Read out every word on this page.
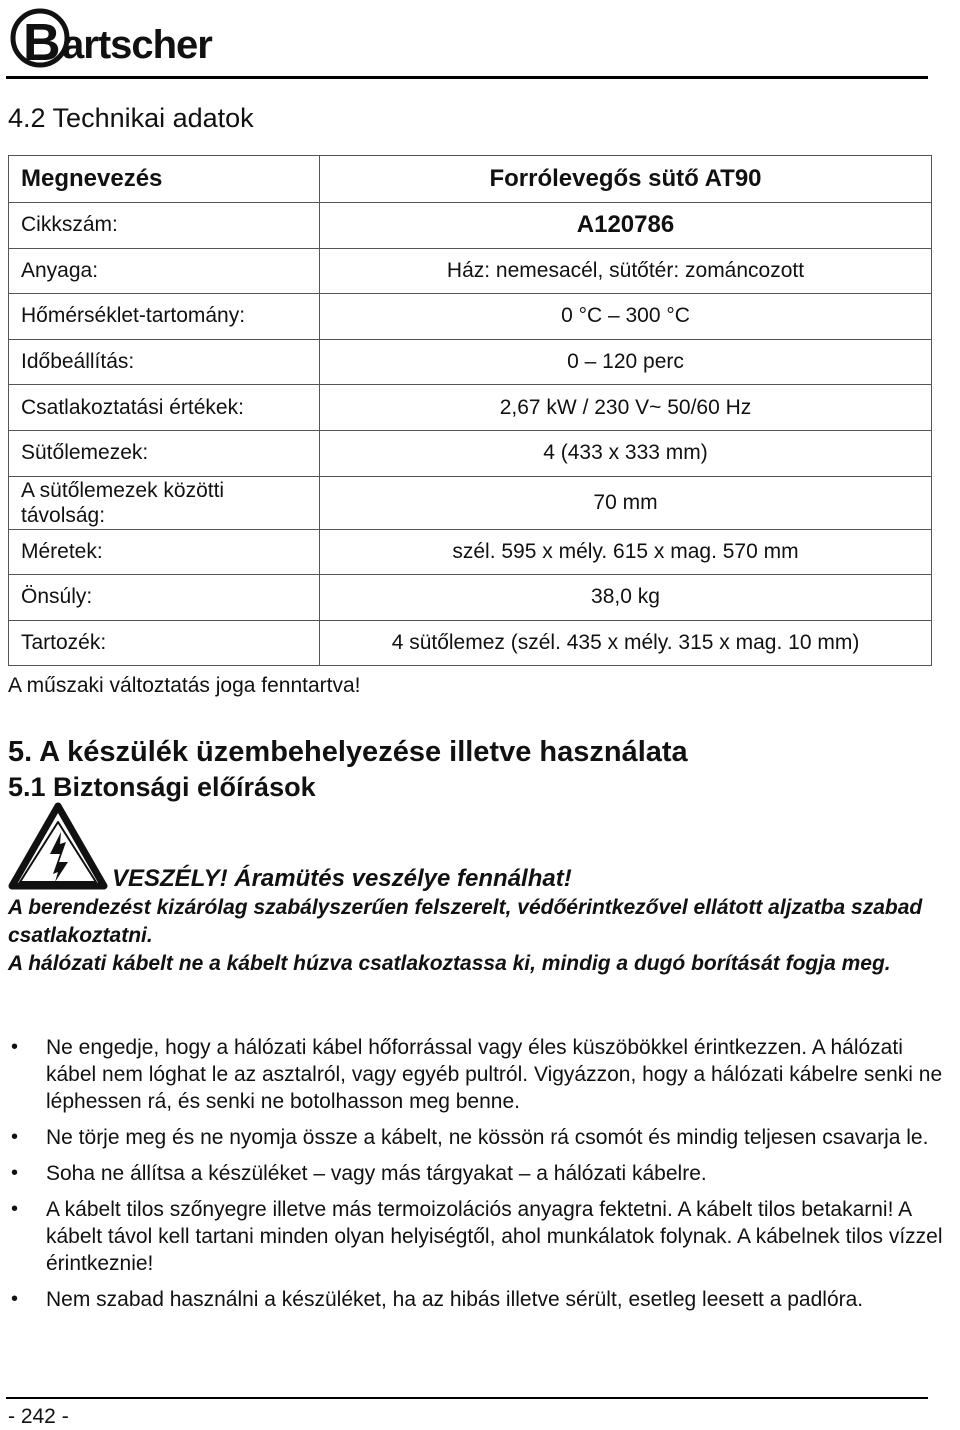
B artscher
4.2 Technikai adatok
Megnevezés	Forrólevegős sütő AT90
Cikkszám:	A120786
Anyaga:	Ház: nemesacél, sütőtér: zománcozott
Hőmérséklet-tartomány:	0 °C – 300 °C
Időbeállítás:	0 – 120 perc
Csatlakoztatási értékek:	2,67 kW / 230 V~ 50/60 Hz
Sütőlemezek:	4 (433 x 333 mm)
A sütőlemezek közötti távolság:	70 mm
Méretek:	szél. 595 x mély. 615 x mag. 570 mm
Önsúly:	38,0 kg
Tartozék:	4 sütőlemez (szél. 435 x mély. 315 x mag. 10 mm)
A műszaki változtatás joga fenntartva!
5. A készülék üzembehelyezése illetve használata
5.1 Biztonsági előírások
VESZÉLY! Áramütés veszélye fennálhat!
A berendezést kizárólag szabályszerűen felszerelt, védőérintkezővel ellátott aljzatba szabad csatlakoztatni.
A hálózati kábelt ne a kábelt húzva csatlakoztassa ki, mindig a dugó borítását fogja meg.
• Ne engedje, hogy a hálózati kábel hőforrással vagy éles küszöbökkel érintkezzen. A hálózati kábel nem lóghat le az asztalról, vagy egyéb pultról. Vigyázzon, hogy a hálózati kábelre senki ne léphessen rá, és senki ne botolhasson meg benne.
• Ne törje meg és ne nyomja össze a kábelt, ne kössön rá csomót és mindig teljesen csavarja le.
• Soha ne állítsa a készüléket – vagy más tárgyakat – a hálózati kábelre.
• A kábelt tilos szőnyegre illetve más termoizolációs anyagra fektetni. A kábelt tilos betakarni! A kábelt távol kell tartani minden olyan helyiségtől, ahol munkálatok folynak. A kábelnek tilos vízzel érintkeznie!
• Nem szabad használni a készüléket, ha az hibás illetve sérült, esetleg leesett a padlóra.
- 242 -
